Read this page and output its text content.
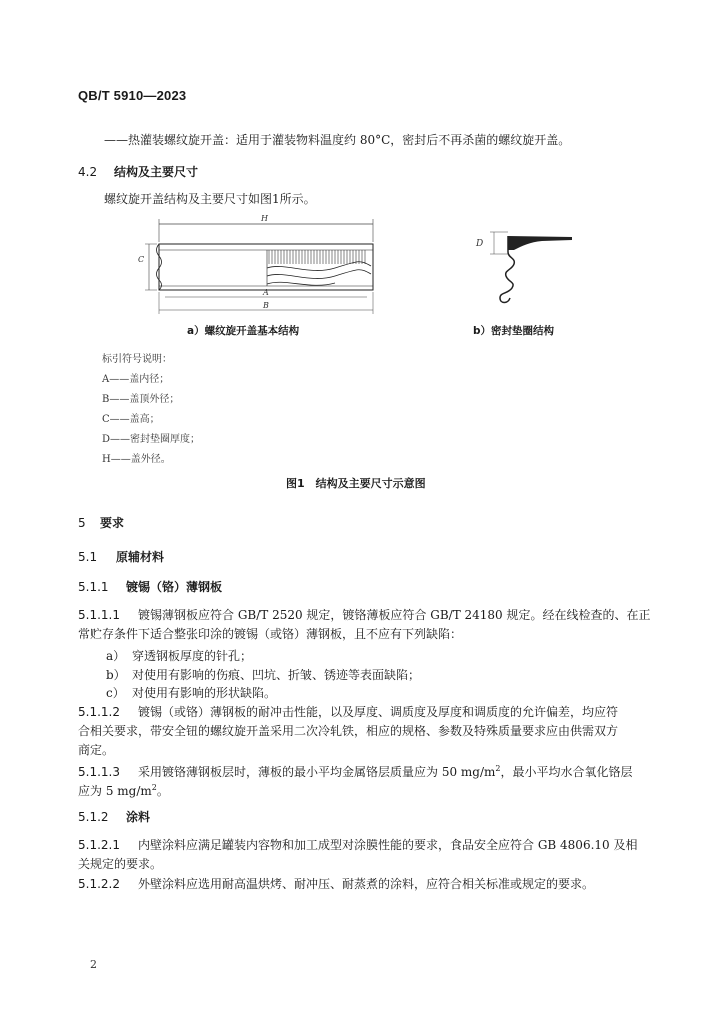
QB/T 5910—2023
——热灌装螺纹旋开盖：适用于灌装物料温度约 80°C，密封后不再杀菌的螺纹旋开盖。
4.2 结构及主要尺寸
螺纹旋开盖结构及主要尺寸如图1所示。
H
C
A
B
D
a）螺纹旋开盖基本结构	b）密封垫圈结构
标引符号说明：
A——盖内径；
B——盖顶外径；
C——盖高；
D——密封垫圈厚度；
H——盖外径。
图1　结构及主要尺寸示意图
5 要求
5.1 原辅材料
5.1.1 镀锡（铬）薄钢板
5.1.1.1 镀锡薄钢板应符合 GB/T 2520 规定，镀铬薄板应符合 GB/T 24180 规定。经在线检查的、在正
常贮存条件下适合整张印涂的镀锡（或铬）薄钢板，且不应有下列缺陷：
a） 穿透钢板厚度的针孔；
b） 对使用有影响的伤痕、凹坑、折皱、锈迹等表面缺陷；
c） 对使用有影响的形状缺陷。
5.1.1.2 镀锡（或铬）薄钢板的耐冲击性能，以及厚度、调质度及厚度和调质度的允许偏差，均应符
合相关要求，带安全钮的螺纹旋开盖采用二次冷轧铁，相应的规格、参数及特殊质量要求应由供需双方
商定。
5.1.1.3 采用镀铬薄钢板层时，薄板的最小平均金属铬层质量应为 50 $mg/m^2$，最小平均水合氧化铬层
应为 5 $mg/m^2$。
5.1.2 涂料
5.1.2.1 内壁涂料应满足罐装内容物和加工成型对涂膜性能的要求，食品安全应符合 GB 4806.10 及相
关规定的要求。
5.1.2.2 外壁涂料应选用耐高温烘烤、耐冲压、耐蒸煮的涂料，应符合相关标准或规定的要求。
2
